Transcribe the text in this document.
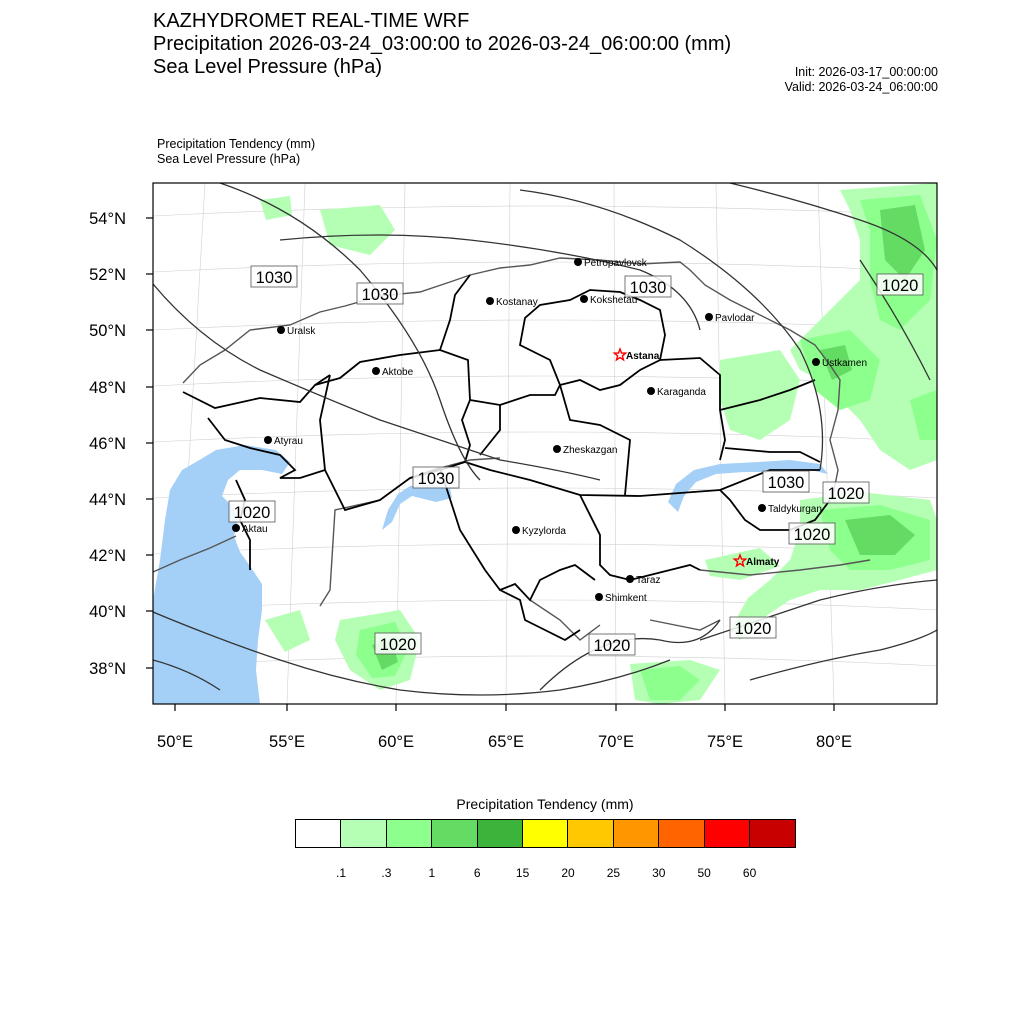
KAZHYDROMET REAL-TIME WRF
Precipitation 2026-03-24_03:00:00 to 2026-03-24_06:00:00 (mm)
Sea Level Pressure (hPa)	Init: 2026-03-17_00:00:00
Valid: 2026-03-24_06:00:00
Precipitation Tendency (mm)
Sea Level Pressure (hPa)
54°N
52°N
50°N
48°N
46°N
44°N
42°N
40°N
38°N
50°E	55°E	60°E	65°E	70°E	75°E	80°E
1030
1030	1030	1020
1030
1020
1030
1020
1020
1020	1020
1020
Petropavlovsk
Kostanay	Kokshetau
Pavlodar
Uralsk
Aktobe
Astana
Karaganda
Ustkamen
Atyrau
Zheskazgan
Aktau	Kyzylorda
Taldykurgan
Almaty
Taraz
Shimkent
Precipitation Tendency (mm)
.1	.3	1	6	15	20	25	30	50	60
